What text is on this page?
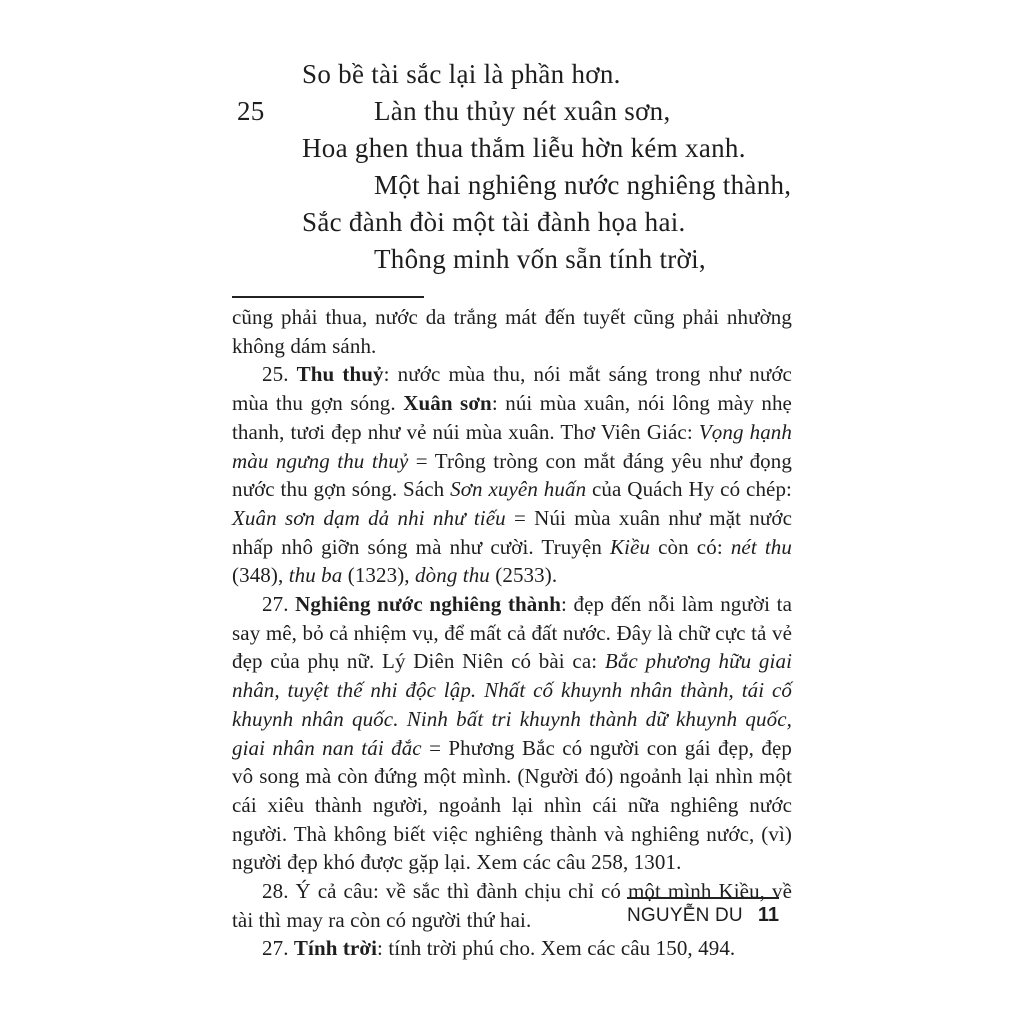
So bề tài sắc lại là phần hơn.
25	Làn thu thủy nét xuân sơn,
Hoa ghen thua thắm liễu hờn kém xanh.
Một hai nghiêng nước nghiêng thành,
Sắc đành đòi một tài đành họa hai.
Thông minh vốn sẵn tính trời,

cũng phải thua, nước da trắng mát đến tuyết cũng phải nhường không dám sánh.

25. Thu thuỷ: nước mùa thu, nói mắt sáng trong như nước mùa thu gợn sóng. Xuân sơn: núi mùa xuân, nói lông mày nhẹ thanh, tươi đẹp như vẻ núi mùa xuân. Thơ Viên Giác: Vọng hạnh màu ngưng thu thuỷ = Trông tròng con mắt đáng yêu như đọng nước thu gợn sóng. Sách Sơn xuyên huấn của Quách Hy có chép: Xuân sơn dạm dả nhi như tiếu = Núi mùa xuân như mặt nước nhấp nhô giỡn sóng mà như cười. Truyện Kiều còn có: nét thu (348), thu ba (1323), dòng thu (2533).

27. Nghiêng nước nghiêng thành: đẹp đến nỗi làm người ta say mê, bỏ cả nhiệm vụ, để mất cả đất nước. Đây là chữ cực tả vẻ đẹp của phụ nữ. Lý Diên Niên có bài ca: Bắc phương hữu giai nhân, tuyệt thế nhi độc lập. Nhất cố khuynh nhân thành, tái cố khuynh nhân quốc. Ninh bất tri khuynh thành dữ khuynh quốc, giai nhân nan tái đắc = Phương Bắc có người con gái đẹp, đẹp vô song mà còn đứng một mình. (Người đó) ngoảnh lại nhìn một cái xiêu thành người, ngoảnh lại nhìn cái nữa nghiêng nước người. Thà không biết việc nghiêng thành và nghiêng nước, (vì) người đẹp khó được gặp lại. Xem các câu 258, 1301.

28. Ý cả câu: về sắc thì đành chịu chỉ có một mình Kiều, về tài thì may ra còn có người thứ hai.

27. Tính trời: tính trời phú cho. Xem các câu 150, 494.

NGUYỄN DU 11
